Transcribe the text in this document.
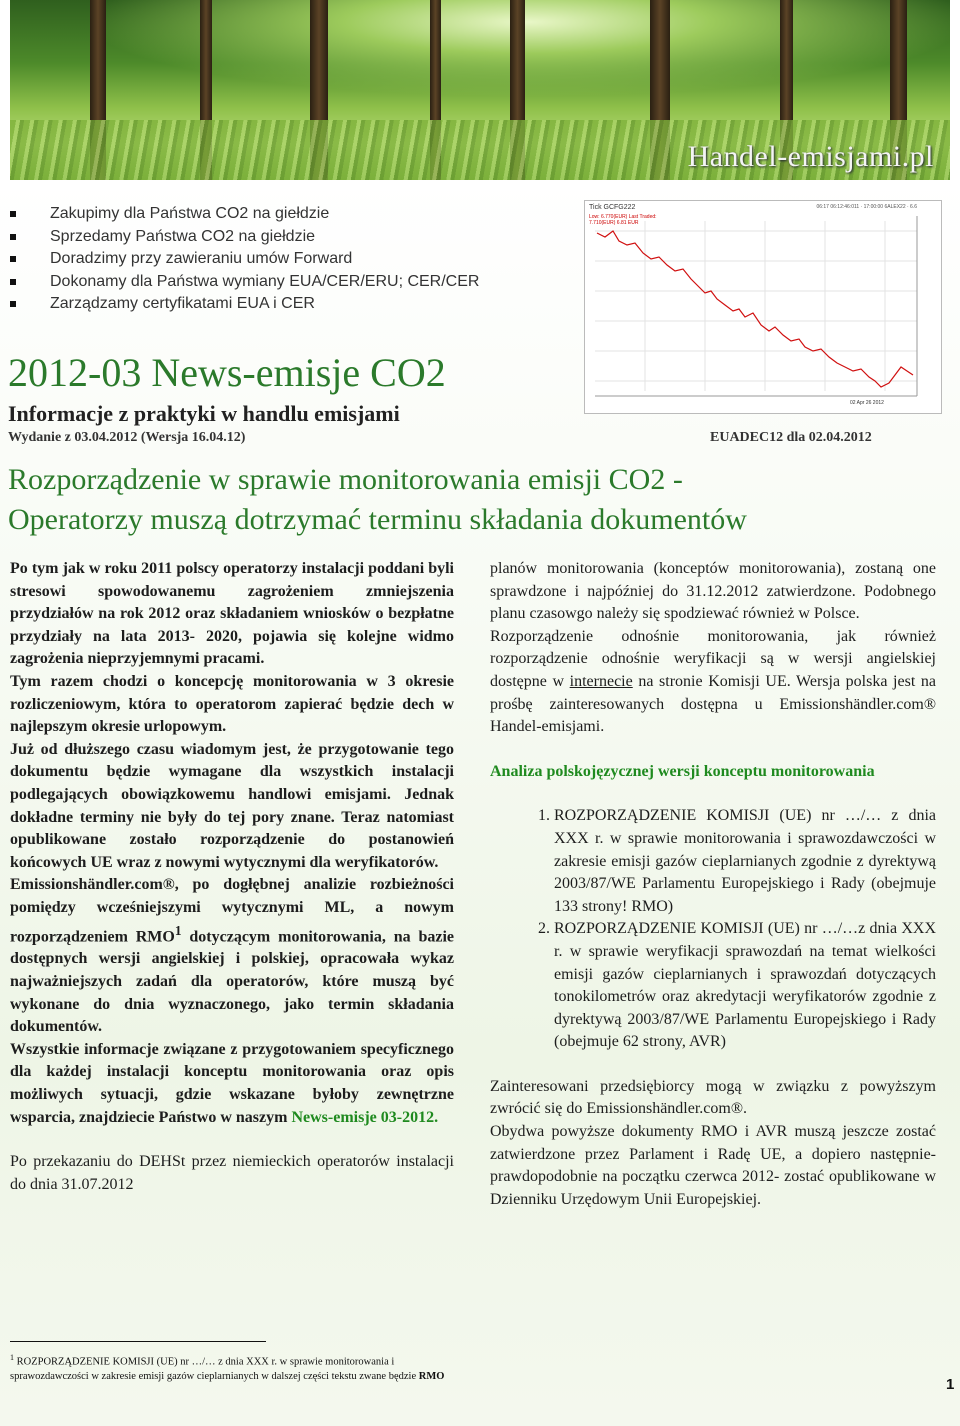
Handel-emisjami.pl
Zakupimy dla Państwa CO2 na giełdzie
Sprzedamy Państwa CO2 na giełdzie
Doradzimy przy zawieraniu umów Forward
Dokonamy dla Państwa wymiany EUA/CER/ERU; CER/CER
Zarządzamy certyfikatami EUA i CER
Tick GCFG222
Low: 6.770(EUR) Last Traded:
7.710(EUR) 6.81 EUR
06:17 06:12:46:011 · 17:00:00 6ALEX22 · 6.6
02 Apr 26 2012
2012-03 News-emisje CO2
Informacje z praktyki w handlu emisjami
Wydanie z 03.04.2012 (Wersja 16.04.12)	EUADEC12 dla 02.04.2012
Rozporządzenie w sprawie monitorowania emisji CO2 -
Operatorzy muszą dotrzymać terminu składania dokumentów

Po tym jak w roku 2011 polscy operatorzy instalacji poddani byli stresowi spowodowanemu zagrożeniem zmniejszenia przydziałów na rok 2012 oraz składaniem wniosków o bezpłatne przydziały na lata 2013- 2020, pojawia się kolejne widmo zagrożenia nieprzyjemnymi pracami.

Tym razem chodzi o koncepcję monitorowania w 3 okresie rozliczeniowym, która to operatorom zapierać będzie dech w najlepszym okresie urlopowym.

Już od dłuższego czasu wiadomym jest, że przygotowanie tego dokumentu będzie wymagane dla wszystkich instalacji podlegających obowiązkowemu handlowi emisjami. Jednak dokładne terminy nie były do tej pory znane. Teraz natomiast opublikowane zostało rozporządzenie do postanowień końcowych UE wraz z nowymi wytycznymi dla weryfikatorów.

Emissionshändler.com®, po dogłębnej analizie rozbieżności pomiędzy wcześniejszymi wytycznymi ML, a nowym rozporządzeniem RMO$^1$ dotyczącym monitorowania, na bazie dostępnych wersji angielskiej i polskiej, opracowała wykaz najważniejszych zadań dla operatorów, które muszą być wykonane do dnia wyznaczonego, jako termin składania dokumentów.

Wszystkie informacje związane z przygotowaniem specyficznego dla każdej instalacji konceptu monitorowania oraz opis możliwych sytuacji, gdzie wskazane byłoby zewnętrzne wsparcia, znajdziecie Państwo w naszym News-emisje 03-2012.

Po przekazaniu do DEHSt przez niemieckich operatorów instalacji do dnia 31.07.2012

planów monitorowania (konceptów monitorowania), zostaną one sprawdzone i najpóźniej do 31.12.2012 zatwierdzone. Podobnego planu czasowgo należy się spodziewać również w Polsce.

Rozporządzenie odnośnie monitorowania, jak również rozporządzenie odnośnie weryfikacji są w wersji angielskiej dostępne w internecie na stronie Komisji UE. Wersja polska jest na prośbę zainteresowanych dostępna u Emissionshändler.com® Handel-emisjami.

Analiza polskojęzycznej wersji konceptu monitorowania

1. ROZPORZĄDZENIE KOMISJI (UE) nr …/… z dnia XXX r. w sprawie monitorowania i sprawozdawczości w zakresie emisji gazów cieplarnianych zgodnie z dyrektywą 2003/87/WE Parlamentu Europejskiego i Rady (obejmuje 133 strony! RMO)
2. ROZPORZĄDZENIE KOMISJI (UE) nr …/…z dnia XXX r. w sprawie weryfikacji sprawozdań na temat wielkości emisji gazów cieplarnianych i sprawozdań dotyczących tonokilometrów oraz akredytacji weryfikatorów zgodnie z dyrektywą 2003/87/WE Parlamentu Europejskiego i Rady (obejmuje 62 strony, AVR)

Zainteresowani przedsiębiorcy mogą w związku z powyższym zwrócić się do Emissionshändler.com®.

Obydwa powyższe dokumenty RMO i AVR muszą jeszcze zostać zatwierdzone przez Parlament i Radę UE, a dopiero następnie- prawdopodobnie na początku czerwca 2012- zostać opublikowane w Dzienniku Urzędowym Unii Europejskiej.

$^1$ ROZPORZĄDZENIE KOMISJI (UE) nr …/… z dnia XXX r. w sprawie monitorowania i sprawozdawczości w zakresie emisji gazów cieplarnianych w dalszej części tekstu zwane będzie RMO	1
